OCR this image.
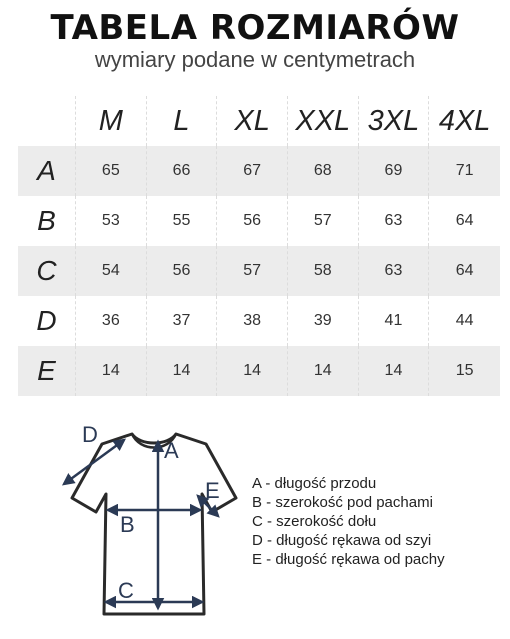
TABELA ROZMIARÓW
wymiary podane w centymetrach
	M	L	XL	XXL	3XL	4XL
A	65	66	67	68	69	71
B	53	55	56	57	63	64
C	54	56	57	58	63	64
D	36	37	38	39	41	44
E	14	14	14	14	14	15
A
B
C
D
E A - długość przodu
B - szerokość pod pachami
C - szerokość dołu
D - długość rękawa od szyi
E - długość rękawa od pachy
